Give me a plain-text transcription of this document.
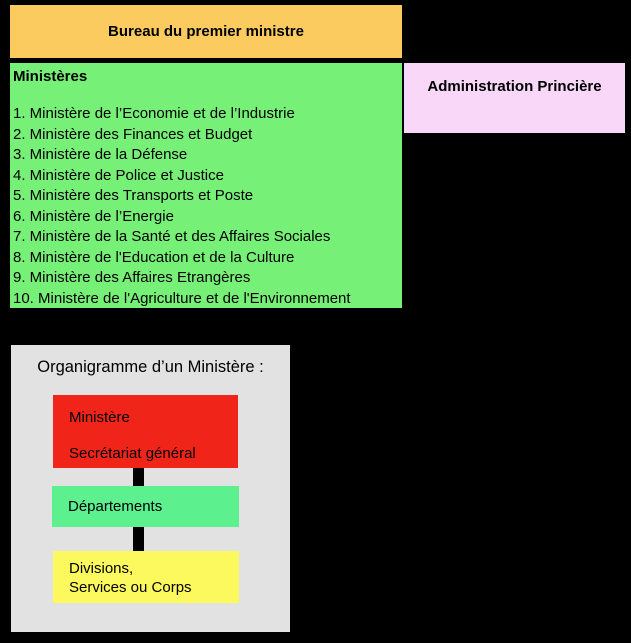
Bureau du premier ministre
Ministères
1. Ministère de l’Economie et de l’Industrie
2. Ministère des Finances et Budget
3. Ministère de la Défense
4. Ministère de Police et Justice
5. Ministère des Transports et Poste
6. Ministère de l’Energie
7. Ministère de la Santé et des Affaires Sociales
8. Ministère de l'Education et de la Culture
9. Ministère des Affaires Etrangères
10. Ministère de l'Agriculture et de l'Environnement
Administration Princière
Organigramme d’un Ministère :
Ministère
Secrétariat général
Départements
Divisions,
Services ou Corps
